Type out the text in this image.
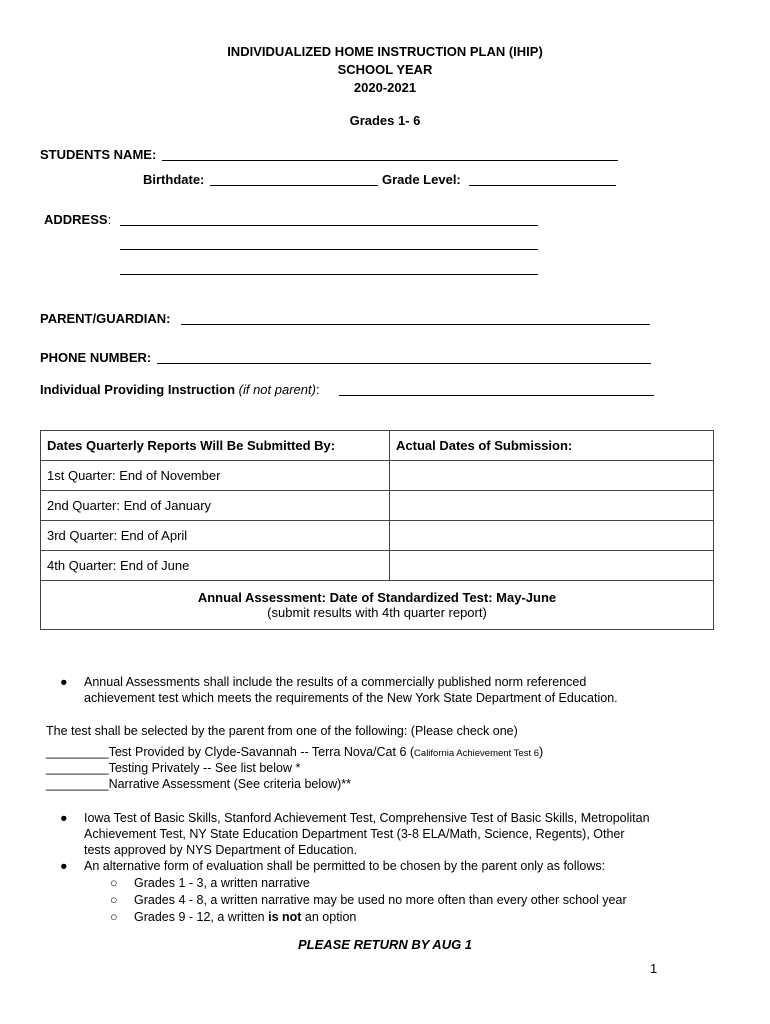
INDIVIDUALIZED HOME INSTRUCTION PLAN (IHIP)
SCHOOL YEAR
2020-2021
Grades 1- 6
STUDENTS NAME:
Birthdate:	Grade Level:
ADDRESS:
PARENT/GUARDIAN:
PHONE NUMBER:
Individual Providing Instruction (if not parent):
Dates Quarterly Reports Will Be Submitted By:	Actual Dates of Submission:
1st Quarter: End of November	
2nd Quarter: End of January	
3rd Quarter: End of April	
4th Quarter: End of June	

Annual Assessment: Date of Standardized Test: May-June
(submit results with 4th quarter report)	
● Annual Assessments shall include the results of a commercially published norm referenced
achievement test which meets the requirements of the New York State Department of Education.
The test shall be selected by the parent from one of the following: (Please check one)
_________Test Provided by Clyde-Savannah -- Terra Nova/Cat 6 (California Achievement Test 6)
_________Testing Privately -- See list below *
_________Narrative Assessment (See criteria below)**
● Iowa Test of Basic Skills, Stanford Achievement Test, Comprehensive Test of Basic Skills, Metropolitan
Achievement Test, NY State Education Department Test (3-8 ELA/Math, Science, Regents), Other
tests approved by NYS Department of Education.
● An alternative form of evaluation shall be permitted to be chosen by the parent only as follows:
○ Grades 1 - 3, a written narrative
○ Grades 4 - 8, a written narrative may be used no more often than every other school year
○ Grades 9 - 12, a written is not an option
PLEASE RETURN BY AUG 1
1
